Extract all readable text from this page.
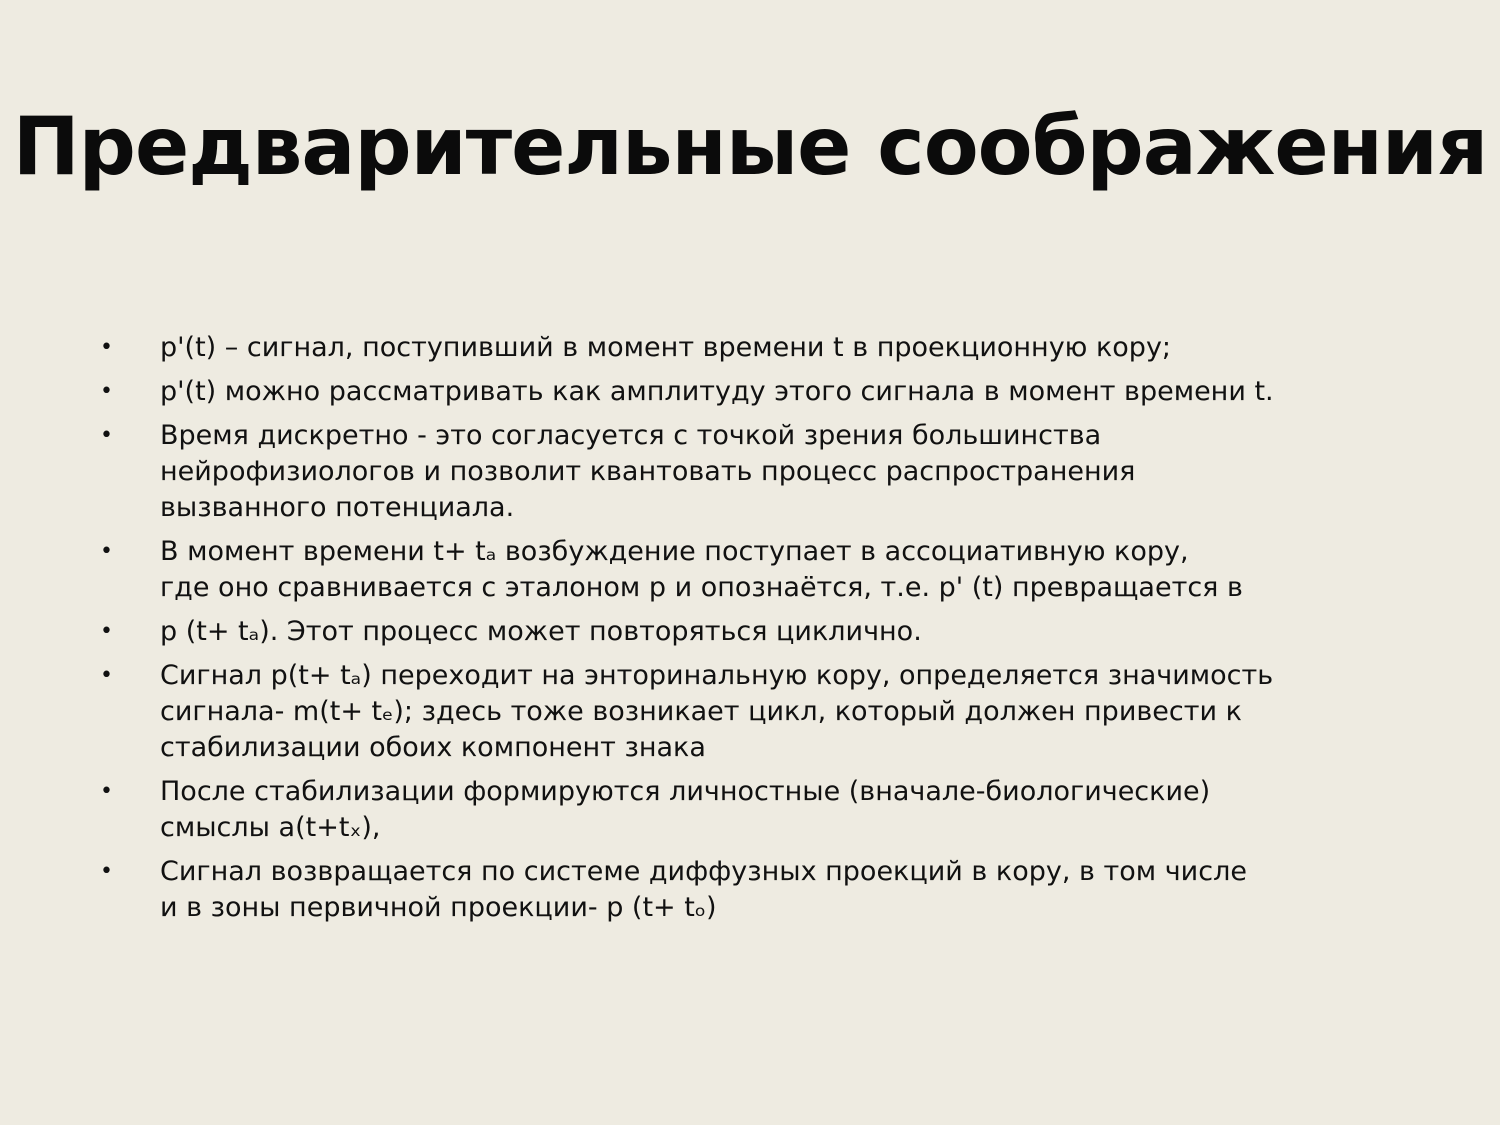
Предварительные соображения
•	p'(t) – сигнал, поступивший в момент времени t в проекционную кору;
•	p'(t) можно рассматривать как амплитуду этого сигнала в момент времени t.
•	Время дискретно - это согласуется с точкой зрения большинства
нейрофизиологов и позволит квантовать процесс распространения
вызванного потенциала.
•	В момент времени t+ tₐ возбуждение поступает в ассоциативную кору,
где оно сравнивается с эталоном p и опознаётся, т.е. p' (t) превращается в
•	p (t+ tₐ). Этот процесс может повторяться циклично.
•	Сигнал p(t+ tₐ) переходит на энторинальную кору, определяется значимость
сигнала- m(t+ tₑ); здесь тоже возникает цикл, который должен привести к
стабилизации обоих компонент знака
•	После стабилизации формируются личностные (вначале-биологические)
смыслы a(t+tₓ),
•	Сигнал возвращается по системе диффузных проекций в кору, в том числе
и в зоны первичной проекции- p (t+ tₒ)
